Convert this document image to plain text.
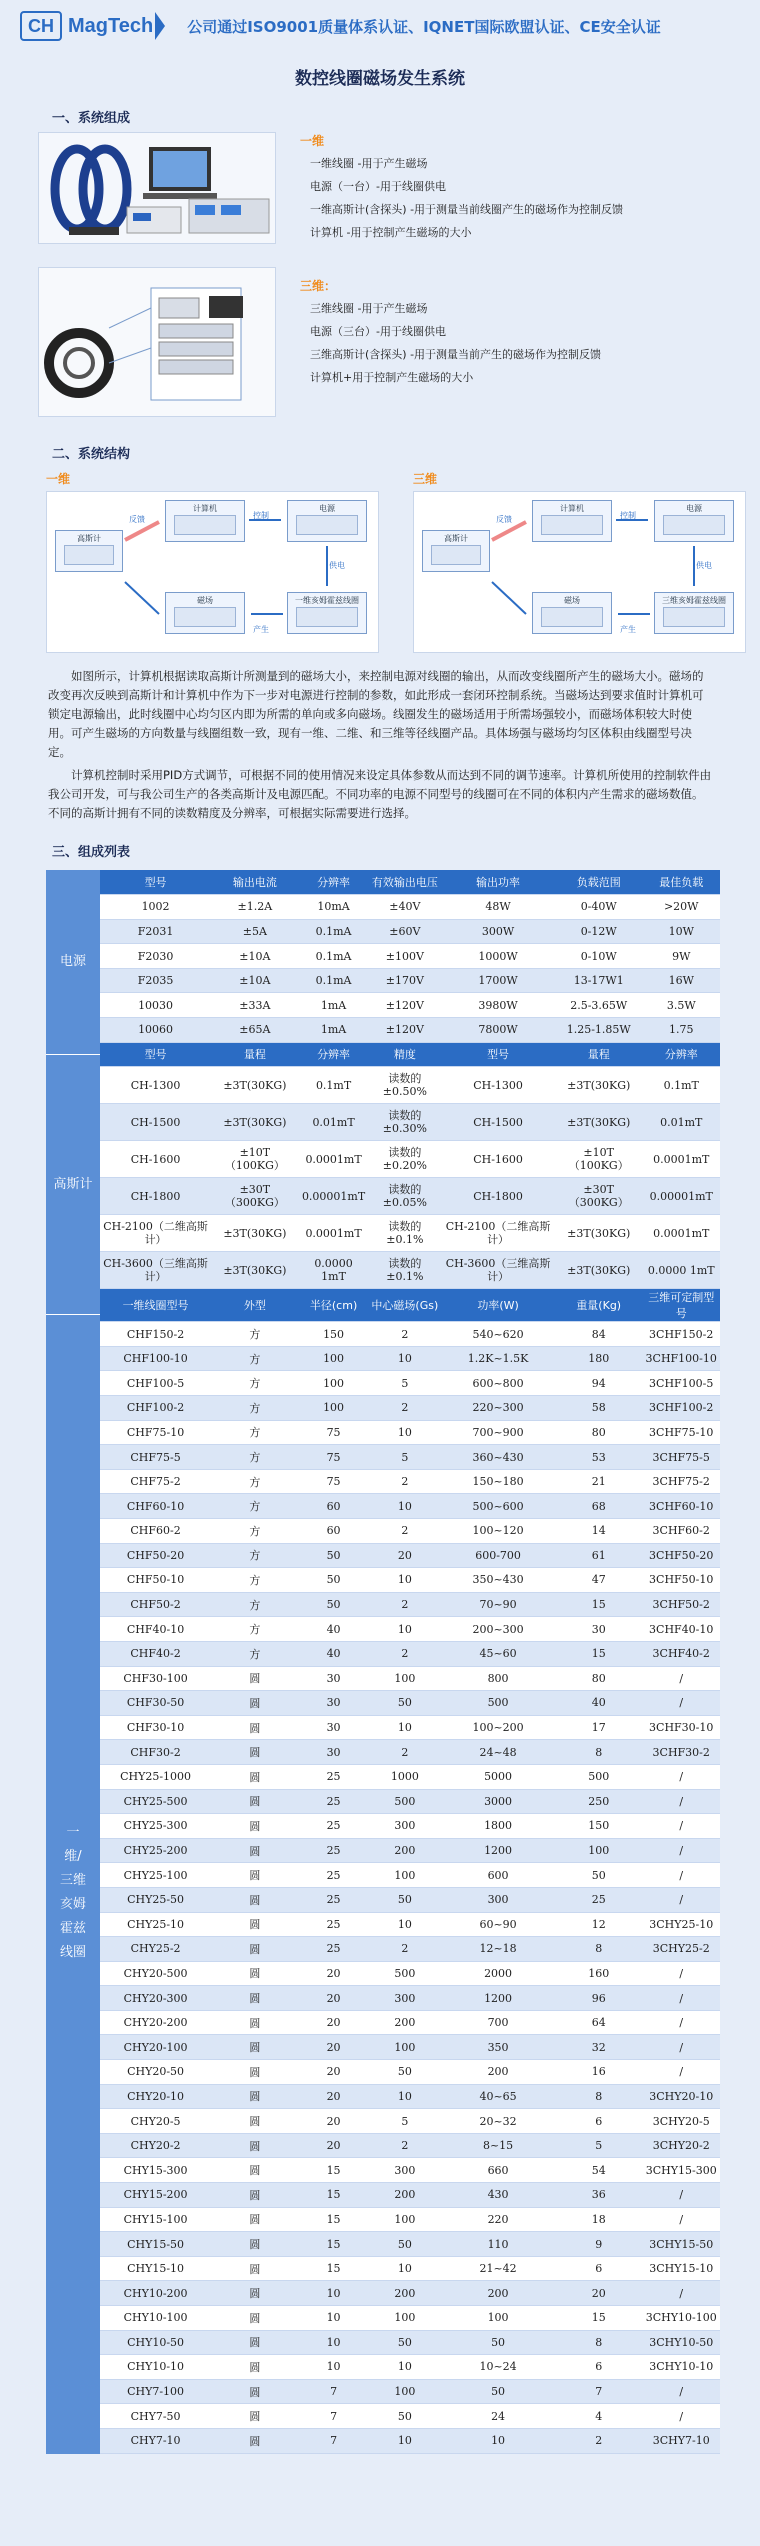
CH MagTech 公司通过ISO9001质量体系认证、IQNET国际欧盟认证、CE安全认证
数控线圈磁场发生系统
一、系统组成
一维
一维线圈 -用于产生磁场
电源（一台）-用于线圈供电
一维高斯计(含探头) -用于测量当前线圈产生的磁场作为控制反馈
计算机 -用于控制产生磁场的大小
三维：
三维线圈 -用于产生磁场
电源（三台）-用于线圈供电
三维高斯计(含探头) -用于测量当前产生的磁场作为控制反馈
计算机+用于控制产生磁场的大小
二、系统结构
一维
高斯计
计算机	电源
磁场	一维亥姆霍兹线圈
反馈	控制
供电
产生
三维
高斯计
计算机	电源
磁场	三维亥姆霍兹线圈
反馈	控制
供电
产生
如图所示，计算机根据读取高斯计所测量到的磁场大小，来控制电源对线圈的输出，从而改变线圈所产生的磁场大小。磁场的改变再次反映到高斯计和计算机中作为下一步对电源进行控制的参数，如此形成一套闭环控制系统。当磁场达到要求值时计算机可锁定电源输出，此时线圈中心均匀区内即为所需的单向或多向磁场。线圈发生的磁场适用于所需场强较小，而磁场体积较大时使用。可产生磁场的方向数量与线圈组数一致，现有一维、二维、和三维等径线圈产品。具体场强与磁场均匀区体积由线圈型号决定。
计算机控制时采用PID方式调节，可根据不同的使用情况来设定具体参数从而达到不同的调节速率。计算机所使用的控制软件由我公司开发，可与我公司生产的各类高斯计及电源匹配。不同功率的电源不同型号的线圈可在不同的体积内产生需求的磁场数值。不同的高斯计拥有不同的读数精度及分辨率，可根据实际需要进行选择。
三、组成列表
电源
高斯计
一维/三维亥姆霍兹线圈
型号	输出电流	分辨率	有效输出电压	输出功率	负载范围	最佳负载
1002	±1.2A	10mA	±40V	48W	0-40W	>20W
F2031	±5A	0.1mA	±60V	300W	0-12W	10W
F2030	±10A	0.1mA	±100V	1000W	0-10W	9W
F2035	±10A	0.1mA	±170V	1700W	13-17W1	16W
10030	±33A	1mA	±120V	3980W	2.5-3.65W	3.5W
10060	±65A	1mA	±120V	7800W	1.25-1.85W	1.75
型号	量程	分辨率	精度	型号	量程	分辨率
CH-1300	±3T(30KG)	0.1mT	读数的±0.50%	CH-1300	±3T(30KG)	0.1mT
CH-1500	±3T(30KG)	0.01mT	读数的±0.30%	CH-1500	±3T(30KG)	0.01mT
CH-1600	±10T（100KG）	0.0001mT	读数的±0.20%	CH-1600	±10T（100KG）	0.0001mT
CH-1800	±30T（300KG）	0.00001mT	读数的±0.05%	CH-1800	±30T（300KG）	0.00001mT
CH-2100（二维高斯计）	±3T(30KG)	0.0001mT	读数的±0.1%	CH-2100（二维高斯计）	±3T(30KG)	0.0001mT
CH-3600（三维高斯计）	±3T(30KG)	0.0000 1mT	读数的±0.1%	CH-3600（三维高斯计）	±3T(30KG)	0.0000 1mT
一维线圈型号	外型	半径(cm)	中心磁场(Gs)	功率(W)	重量(Kg)	三维可定制型号
CHF150-2	方	150	2	540~620	84	3CHF150-2
CHF100-10	方	100	10	1.2K~1.5K	180	3CHF100-10
CHF100-5	方	100	5	600~800	94	3CHF100-5
CHF100-2	方	100	2	220~300	58	3CHF100-2
CHF75-10	方	75	10	700~900	80	3CHF75-10
CHF75-5	方	75	5	360~430	53	3CHF75-5
CHF75-2	方	75	2	150~180	21	3CHF75-2
CHF60-10	方	60	10	500~600	68	3CHF60-10
CHF60-2	方	60	2	100~120	14	3CHF60-2
CHF50-20	方	50	20	600-700	61	3CHF50-20
CHF50-10	方	50	10	350~430	47	3CHF50-10
CHF50-2	方	50	2	70~90	15	3CHF50-2
CHF40-10	方	40	10	200~300	30	3CHF40-10
CHF40-2	方	40	2	45~60	15	3CHF40-2
CHF30-100	圆	30	100	800	80	/
CHF30-50	圆	30	50	500	40	/
CHF30-10	圆	30	10	100~200	17	3CHF30-10
CHF30-2	圆	30	2	24~48	8	3CHF30-2
CHY25-1000	圆	25	1000	5000	500	/
CHY25-500	圆	25	500	3000	250	/
CHY25-300	圆	25	300	1800	150	/
CHY25-200	圆	25	200	1200	100	/
CHY25-100	圆	25	100	600	50	/
CHY25-50	圆	25	50	300	25	/
CHY25-10	圆	25	10	60~90	12	3CHY25-10
CHY25-2	圆	25	2	12~18	8	3CHY25-2
CHY20-500	圆	20	500	2000	160	/
CHY20-300	圆	20	300	1200	96	/
CHY20-200	圆	20	200	700	64	/
CHY20-100	圆	20	100	350	32	/
CHY20-50	圆	20	50	200	16	/
CHY20-10	圆	20	10	40~65	8	3CHY20-10
CHY20-5	圆	20	5	20~32	6	3CHY20-5
CHY20-2	圆	20	2	8~15	5	3CHY20-2
CHY15-300	圆	15	300	660	54	3CHY15-300
CHY15-200	圆	15	200	430	36	/
CHY15-100	圆	15	100	220	18	/
CHY15-50	圆	15	50	110	9	3CHY15-50
CHY15-10	圆	15	10	21~42	6	3CHY15-10
CHY10-200	圆	10	200	200	20	/
CHY10-100	圆	10	100	100	15	3CHY10-100
CHY10-50	圆	10	50	50	8	3CHY10-50
CHY10-10	圆	10	10	10~24	6	3CHY10-10
CHY7-100	圆	7	100	50	7	/
CHY7-50	圆	7	50	24	4	/
CHY7-10	圆	7	10	10	2	3CHY7-10
